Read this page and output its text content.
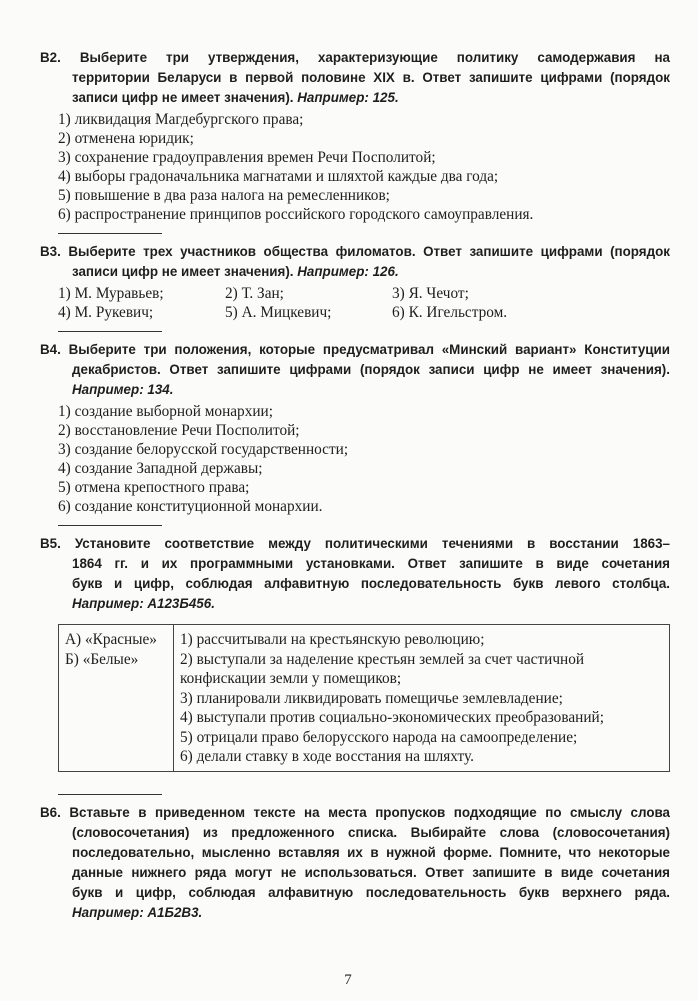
В2. Выберите три утверждения, характеризующие политику самодержавия на
территории Беларуси в первой половине XIX в. Ответ запишите цифрами (порядок
записи цифр не имеет значения). Например: 125.
1) ликвидация Магдебургского права;
2) отменена юридик;
3) сохранение градоуправления времен Речи Посполитой;
4) выборы градоначальника магнатами и шляхтой каждые два года;
5) повышение в два раза налога на ремесленников;
6) распространение принципов российского городского самоуправления.
В3. Выберите трех участников общества филоматов. Ответ запишите цифрами (порядок
записи цифр не имеет значения). Например: 126.
1) М. Муравьев;	2) Т. Зан;	3) Я. Чечот;
4) М. Рукевич;	5) А. Мицкевич;	6) К. Игельстром.
В4. Выберите три положения, которые предусматривал «Минский вариант» Конституции
декабристов. Ответ запишите цифрами (порядок записи цифр не имеет значения).
Например: 134.
1) создание выборной монархии;
2) восстановление Речи Посполитой;
3) создание белорусской государственности;
4) создание Западной державы;
5) отмена крепостного права;
6) создание конституционной монархии.
В5. Установите соответствие между политическими течениями в восстании 1863–
1864 гг. и их программными установками. Ответ запишите в виде сочетания
букв и цифр, соблюдая алфавитную последовательность букв левого столбца.
Например: А123Б456.
А) «Красные»
Б) «Белые»

1) рассчитывали на крестьянскую революцию;
2) выступали за наделение крестьян землей за счет частичной конфискации земли у помещиков;
3) планировали ликвидировать помещичье землевладение;
4) выступали против социально-экономических преобразований;
5) отрицали право белорусского народа на самоопределение;
6) делали ставку в ходе восстания на шляхту.
В6. Вставьте в приведенном тексте на места пропусков подходящие по смыслу слова
(словосочетания) из предложенного списка. Выбирайте слова (словосочетания)
последовательно, мысленно вставляя их в нужной форме. Помните, что некоторые
данные нижнего ряда могут не использоваться. Ответ запишите в виде сочетания
букв и цифр, соблюдая алфавитную последовательность букв верхнего ряда.
Например: А1Б2В3.
7
